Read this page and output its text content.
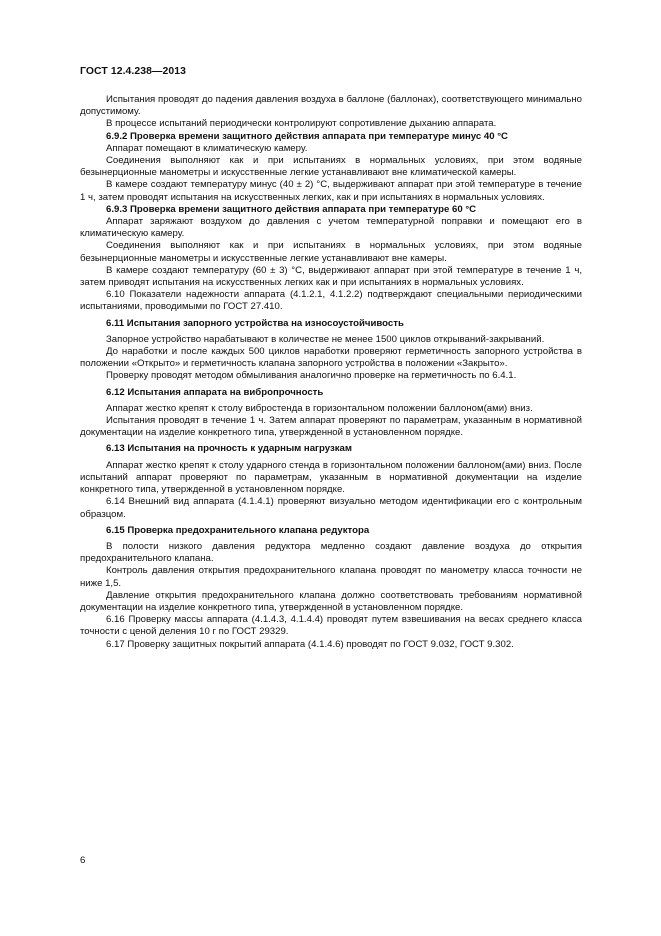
ГОСТ 12.4.238—2013

Испытания проводят до падения давления воздуха в баллоне (баллонах), соответствующего минимально допустимому.

В процессе испытаний периодически контролируют сопротивление дыханию аппарата.

6.9.2 Проверка времени защитного действия аппарата при температуре минус 40 °С

Аппарат помещают в климатическую камеру.

Соединения выполняют как и при испытаниях в нормальных условиях, при этом водяные безынерционные манометры и искусственные легкие устанавливают вне климатической камеры.

В камере создают температуру минус (40 ± 2) °С, выдерживают аппарат при этой температуре в течение 1 ч, затем проводят испытания на искусственных легких, как и при испытаниях в нормальных условиях.

6.9.3 Проверка времени защитного действия аппарата при температуре 60 °С

Аппарат заряжают воздухом до давления с учетом температурной поправки и помещают его в климатическую камеру.

Соединения выполняют как и при испытаниях в нормальных условиях, при этом водяные безынерционные манометры и искусственные легкие устанавливают вне камеры.

В камере создают температуру (60 ± 3) °С, выдерживают аппарат при этой температуре в течение 1 ч, затем приводят испытания на искусственных легких как и при испытаниях в нормальных условиях.

6.10 Показатели надежности аппарата (4.1.2.1, 4.1.2.2) подтверждают специальными периодическими испытаниями, проводимыми по ГОСТ 27.410.

6.11 Испытания запорного устройства на износоустойчивость

Запорное устройство нарабатывают в количестве не менее 1500 циклов открываний-закрываний.

До наработки и после каждых 500 циклов наработки проверяют герметичность запорного устройства в положении «Открыто» и герметичность клапана запорного устройства в положении «Закрыто».

Проверку проводят методом обмыливания аналогично проверке на герметичность по 6.4.1.

6.12 Испытания аппарата на вибропрочность

Аппарат жестко крепят к столу вибростенда в горизонтальном положении баллоном(ами) вниз.

Испытания проводят в течение 1 ч. Затем аппарат проверяют по параметрам, указанным в нормативной документации на изделие конкретного типа, утвержденной в установленном порядке.

6.13 Испытания на прочность к ударным нагрузкам

Аппарат жестко крепят к столу ударного стенда в горизонтальном положении баллоном(ами) вниз. После испытаний аппарат проверяют по параметрам, указанным в нормативной документации на изделие конкретного типа, утвержденной в установленном порядке.

6.14 Внешний вид аппарата (4.1.4.1) проверяют визуально методом идентификации его с контрольным образцом.

6.15 Проверка предохранительного клапана редуктора

В полости низкого давления редуктора медленно создают давление воздуха до открытия предохранительного клапана.

Контроль давления открытия предохранительного клапана проводят по манометру класса точности не ниже 1,5.

Давление открытия предохранительного клапана должно соответствовать требованиям нормативной документации на изделие конкретного типа, утвержденной в установленном порядке.

6.16 Проверку массы аппарата (4.1.4.3, 4.1.4.4) проводят путем взвешивания на весах среднего класса точности с ценой деления 10 г по ГОСТ 29329.

6.17 Проверку защитных покрытий аппарата (4.1.4.6) проводят по ГОСТ 9.032, ГОСТ 9.302.

6
